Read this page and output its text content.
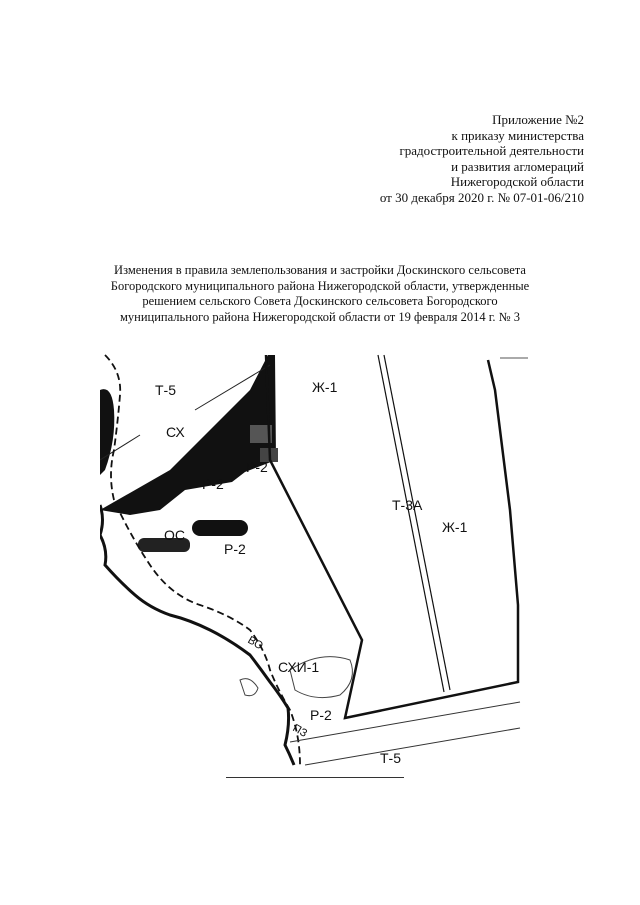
Приложение №2
к приказу министерства
градостроительной деятельности
и развития агломераций
Нижегородской области
от 30 декабря 2020 г. № 07-01-06/210
Изменения в правила землепользования и застройки Доскинского сельсовета
Богородского муниципального района Нижегородской области, утвержденные
решением сельского Совета Доскинского сельсовета Богородского
муниципального района Нижегородской области от 19 февраля 2014 г. № 3
Т-5	Ж-1
СХ
Р-2
Р-2
Т-3А
Ж-1
ОС
Р-2
ВО
СХИ-1
Р-2
ПЗ
Т-5
